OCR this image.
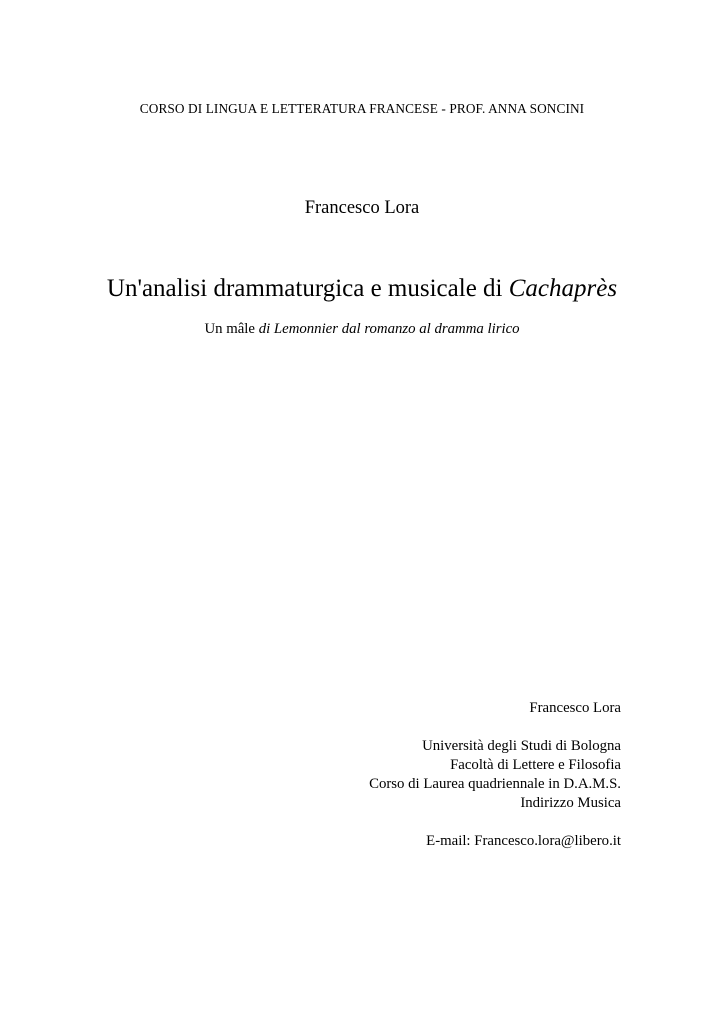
CORSO DI LINGUA E LETTERATURA FRANCESE - PROF. ANNA SONCINI
Francesco Lora
Un'analisi drammaturgica e musicale di Cachaprès
Un mâle di Lemonnier dal romanzo al dramma lirico
Francesco Lora
Università degli Studi di Bologna
Facoltà di Lettere e Filosofia
Corso di Laurea quadriennale in D.A.M.S.
Indirizzo Musica
E-mail: Francesco.lora@libero.it
